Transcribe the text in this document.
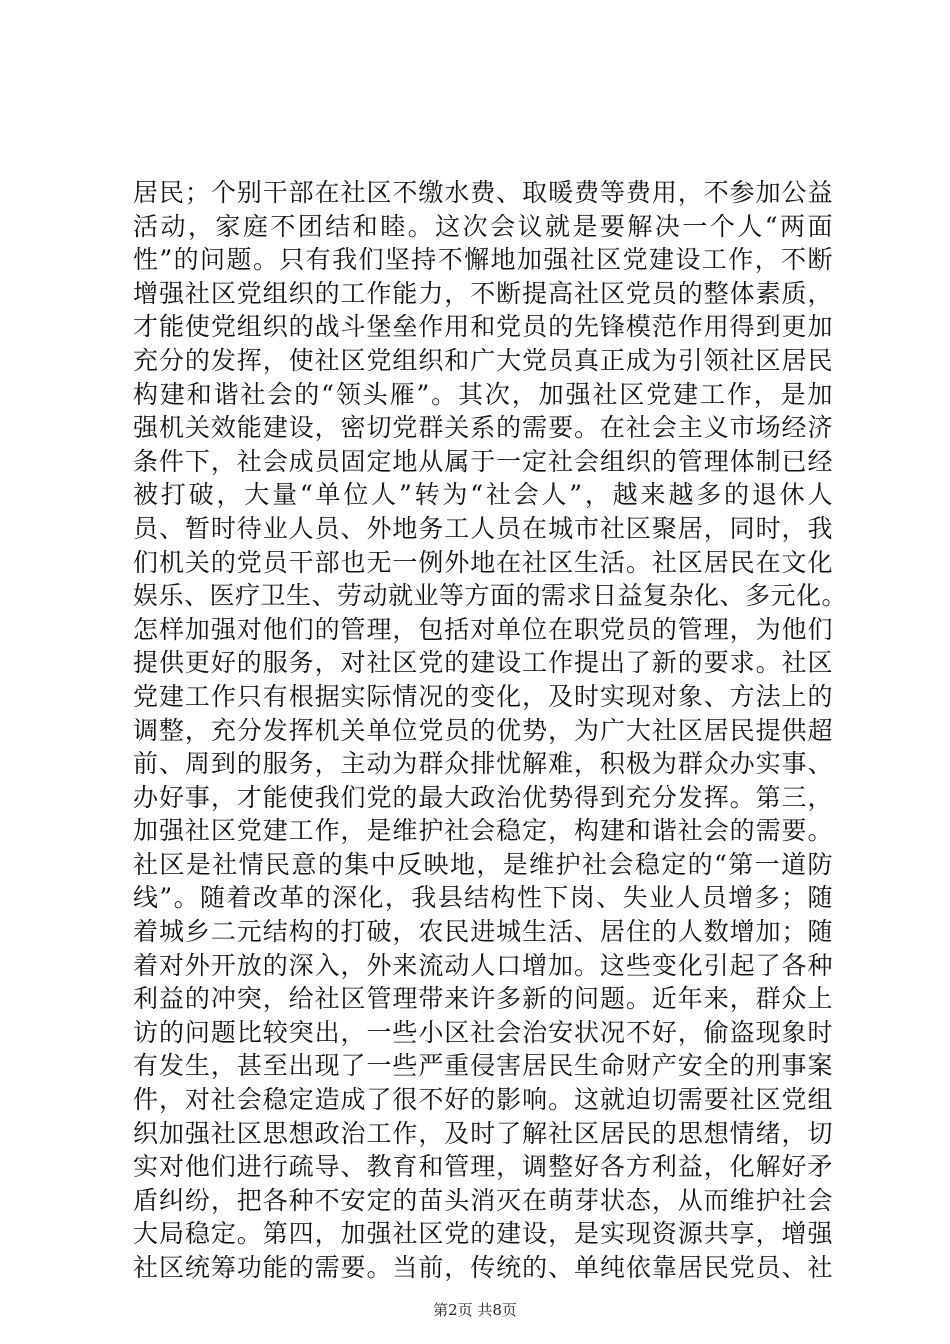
居民；个别干部在社区不缴水费、取暖费等费用，不参加公益
活动，家庭不团结和睦。这次会议就是要解决一个人“两面
性”的问题。只有我们坚持不懈地加强社区党建设工作，不断
增强社区党组织的工作能力，不断提高社区党员的整体素质，
才能使党组织的战斗堡垒作用和党员的先锋模范作用得到更加
充分的发挥，使社区党组织和广大党员真正成为引领社区居民
构建和谐社会的“领头雁”。其次，加强社区党建工作，是加
强机关效能建设，密切党群关系的需要。在社会主义市场经济
条件下，社会成员固定地从属于一定社会组织的管理体制已经
被打破，大量“单位人”转为“社会人”，越来越多的退休人
员、暂时待业人员、外地务工人员在城市社区聚居，同时，我
们机关的党员干部也无一例外地在社区生活。社区居民在文化
娱乐、医疗卫生、劳动就业等方面的需求日益复杂化、多元化。
怎样加强对他们的管理，包括对单位在职党员的管理，为他们
提供更好的服务，对社区党的建设工作提出了新的要求。社区
党建工作只有根据实际情况的变化，及时实现对象、方法上的
调整，充分发挥机关单位党员的优势，为广大社区居民提供超
前、周到的服务，主动为群众排忧解难，积极为群众办实事、
办好事，才能使我们党的最大政治优势得到充分发挥。第三，
加强社区党建工作，是维护社会稳定，构建和谐社会的需要。
社区是社情民意的集中反映地，是维护社会稳定的“第一道防
线”。随着改革的深化，我县结构性下岗、失业人员增多；随
着城乡二元结构的打破，农民进城生活、居住的人数增加；随
着对外开放的深入，外来流动人口增加。这些变化引起了各种
利益的冲突，给社区管理带来许多新的问题。近年来，群众上
访的问题比较突出，一些小区社会治安状况不好，偷盗现象时
有发生，甚至出现了一些严重侵害居民生命财产安全的刑事案
件，对社会稳定造成了很不好的影响。这就迫切需要社区党组
织加强社区思想政治工作，及时了解社区居民的思想情绪，切
实对他们进行疏导、教育和管理，调整好各方利益，化解好矛
盾纠纷，把各种不安定的苗头消灭在萌芽状态，从而维护社会
大局稳定。第四，加强社区党的建设，是实现资源共享，增强
社区统筹功能的需要。当前，传统的、单纯依靠居民党员、社
第2页 共8页
